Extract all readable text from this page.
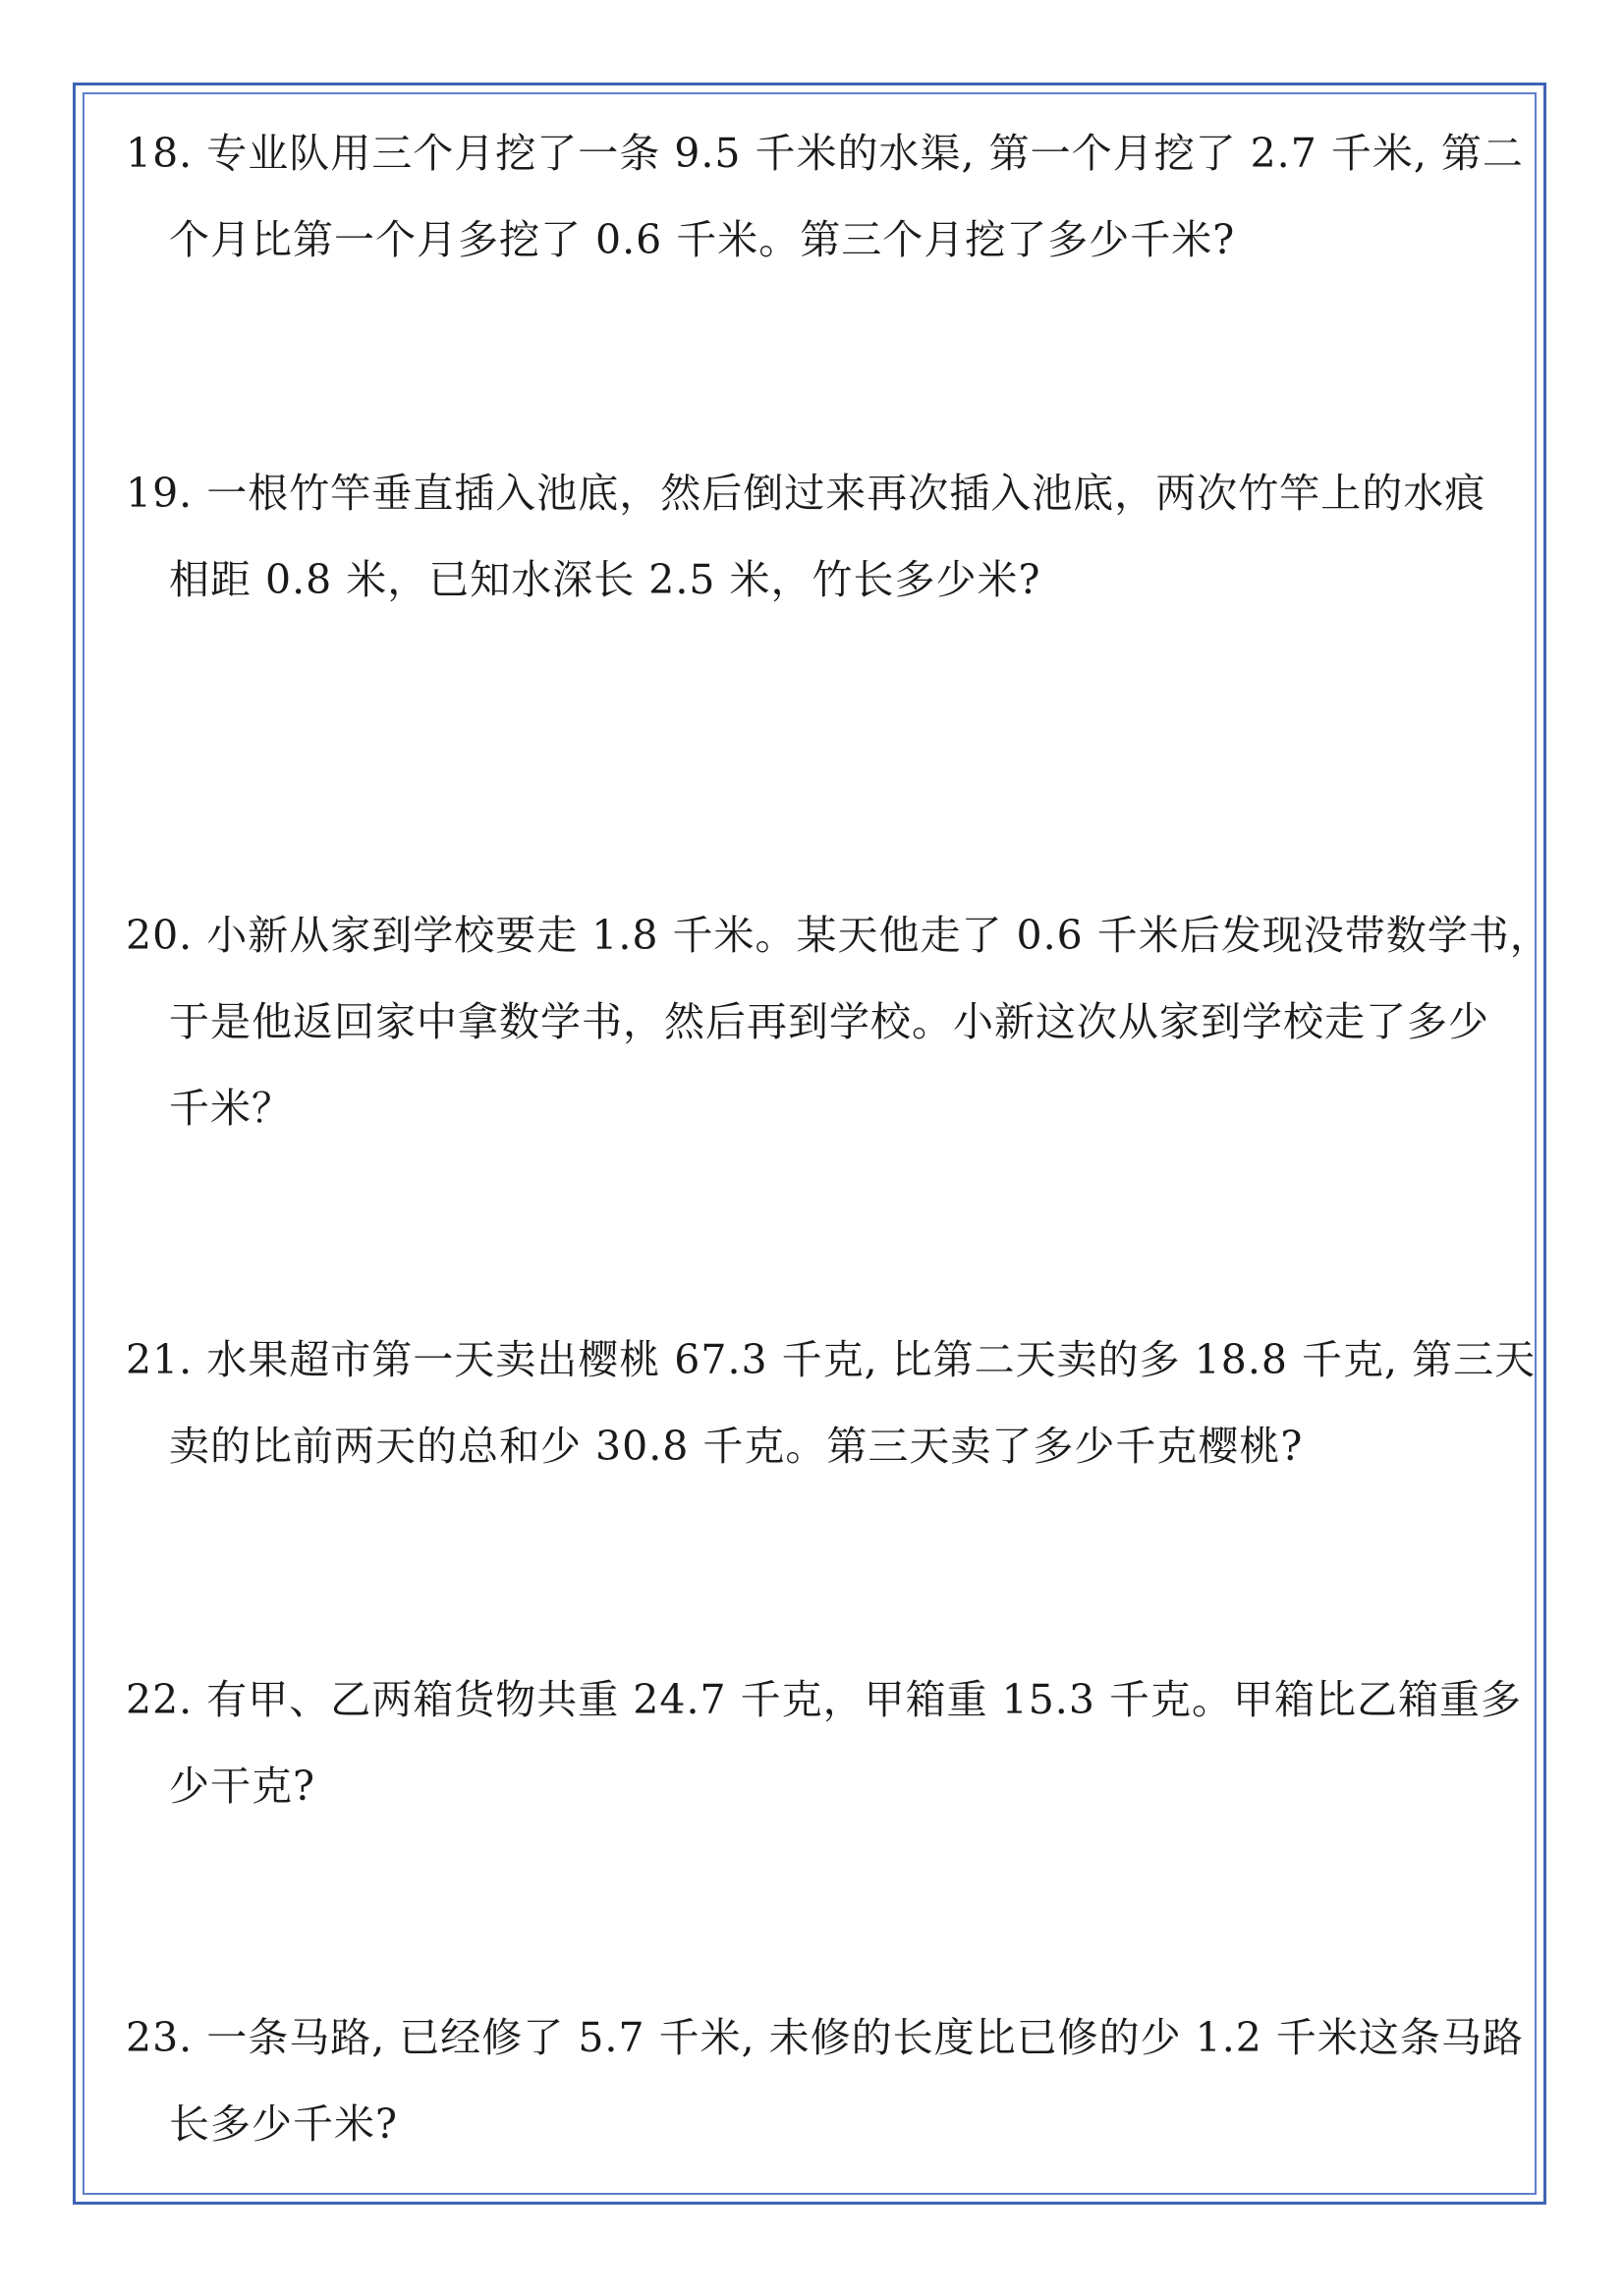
18. 专业队用三个月挖了一条 9.5 千米的水渠, 第一个月挖了 2.7 千米, 第二
个月比第一个月多挖了 0.6 千米。第三个月挖了多少千米?
19. 一根竹竿垂直插入池底，然后倒过来再次插入池底，两次竹竿上的水痕
相距 0.8 米，已知水深长 2.5 米，竹长多少米?
20. 小新从家到学校要走 1.8 千米。某天他走了 0.6 千米后发现没带数学书，
于是他返回家中拿数学书，然后再到学校。小新这次从家到学校走了多少
千米？
21. 水果超市第一天卖出樱桃 67.3 千克, 比第二天卖的多 18.8 千克, 第三天
卖的比前两天的总和少 30.8 千克。第三天卖了多少千克樱桃?
22. 有甲、乙两箱货物共重 24.7 千克，甲箱重 15.3 千克。甲箱比乙箱重多
少干克?
23. 一条马路, 已经修了 5.7 千米, 未修的长度比已修的少 1.2 千米这条马路
长多少千米?
